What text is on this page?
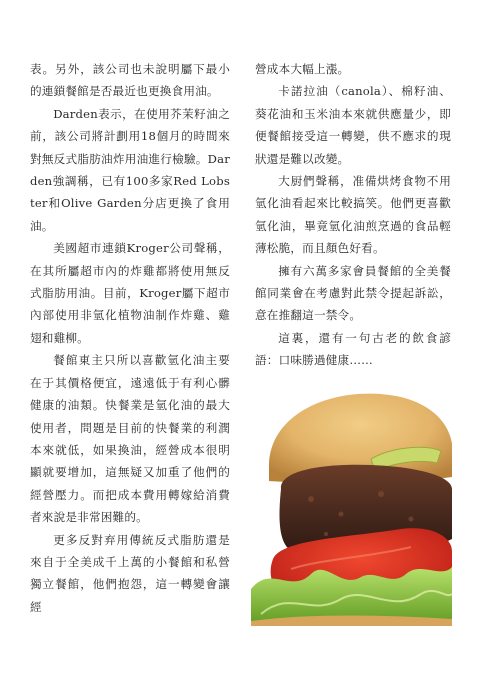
表。另外，該公司也未說明屬下最小的連鎖餐館是否最近也更換食用油。

Darden表示，在使用芥茉籽油之前，該公司將計劃用18個月的時間來對無反式脂肪油炸用油進行檢驗。Darden強調稱，已有100多家Red Lobster和Olive Garden分店更換了食用油。

美國超市連鎖Kroger公司聲稱，在其所屬超市內的炸雞都將使用無反式脂肪用油。目前，Kroger屬下超市內部使用非氫化植物油制作炸雞、雞翅和雞柳。

餐館東主只所以喜歡氫化油主要在于其價格便宜，遠遠低于有利心髒健康的油類。快餐業是氫化油的最大使用者，問題是目前的快餐業的利潤本來就低，如果換油，經營成本很明顯就要增加，這無疑又加重了他們的經營壓力。而把成本費用轉嫁給消費者來說是非常困難的。

更多反對弃用傳統反式脂肪還是來自于全美成千上萬的小餐館和私營獨立餐館，他們抱怨，這一轉變會讓經

營成本大幅上漲。

卡諾拉油（canola）、棉籽油、葵花油和玉米油本來就供應量少，即便餐館接受這一轉變，供不應求的現狀還是難以改變。

大厨們聲稱，准備烘烤食物不用氫化油看起來比較搞笑。他們更喜歡氫化油，畢竟氫化油煎烹過的食品輕薄松脆，而且顏色好看。

擁有六萬多家會員餐館的全美餐館同業會在考慮對此禁令提起訴訟，意在推翻這一禁令。

這裏，還有一句古老的飲食諺語：口味勝過健康……
